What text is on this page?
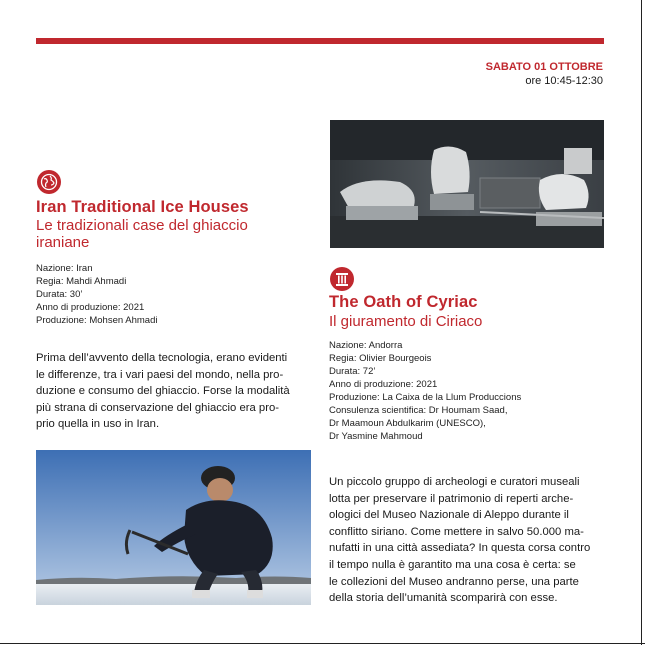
SABATO 01 OTTOBRE
ore 10:45-12:30
Iran Traditional Ice Houses
Le tradizionali case del ghiaccio
iraniane
Nazione: Iran
Regia: Mahdi Ahmadi
Durata: 30’
Anno di produzione: 2021
Produzione: Mohsen Ahmadi
Prima dell’avvento della tecnologia, erano evidenti
le differenze, tra i vari paesi del mondo, nella pro-
duzione e consumo del ghiaccio. Forse la modalità
più strana di conservazione del ghiaccio era pro-
prio quella in uso in Iran.
The Oath of Cyriac
Il giuramento di Ciriaco
Nazione: Andorra
Regia: Olivier Bourgeois
Durata: 72’
Anno di produzione: 2021
Produzione: La Caixa de la Llum Produccions
Consulenza scientifica: Dr Houmam Saad,
Dr Maamoun Abdulkarim (UNESCO),
Dr Yasmine Mahmoud
Un piccolo gruppo di archeologi e curatori museali
lotta per preservare il patrimonio di reperti arche-
ologici del Museo Nazionale di Aleppo durante il
conflitto siriano. Come mettere in salvo 50.000 ma-
nufatti in una città assediata? In questa corsa contro
il tempo nulla è garantito ma una cosa è certa: se
le collezioni del Museo andranno perse, una parte
della storia dell’umanità scomparirà con esse.
